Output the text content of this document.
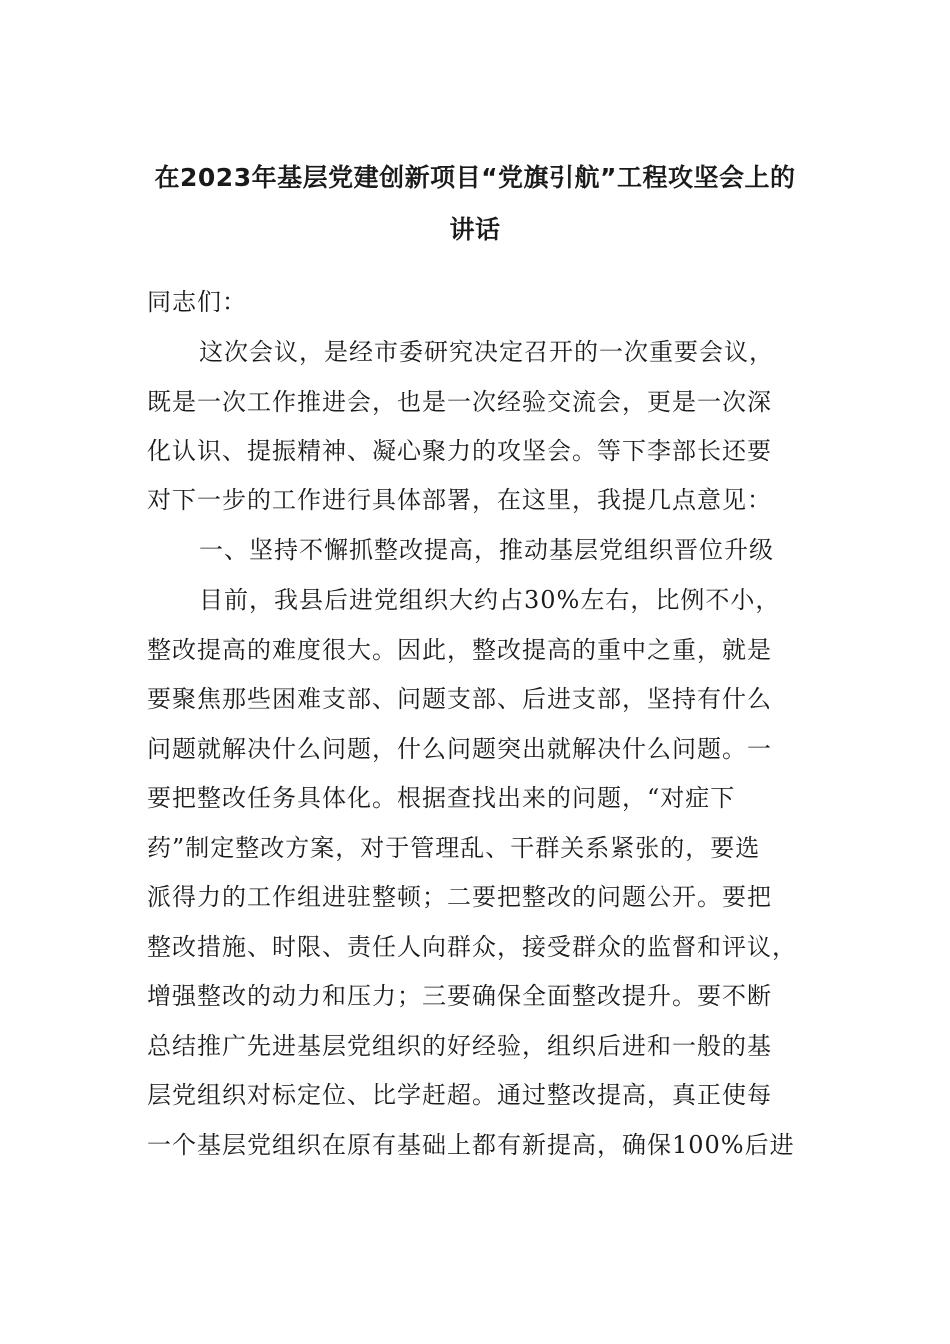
在2023年基层党建创新项目“党旗引航”工程攻坚会上的
讲话
同志们：
这次会议，是经市委研究决定召开的一次重要会议，
既是一次工作推进会，也是一次经验交流会，更是一次深
化认识、提振精神、凝心聚力的攻坚会。等下李部长还要
对下一步的工作进行具体部署，在这里，我提几点意见：
一、坚持不懈抓整改提高，推动基层党组织晋位升级
目前，我县后进党组织大约占30%左右，比例不小，
整改提高的难度很大。因此，整改提高的重中之重，就是
要聚焦那些困难支部、问题支部、后进支部，坚持有什么
问题就解决什么问题，什么问题突出就解决什么问题。一
要把整改任务具体化。根据查找出来的问题，“对症下
药”制定整改方案，对于管理乱、干群关系紧张的，要选
派得力的工作组进驻整顿；二要把整改的问题公开。要把
整改措施、时限、责任人向群众，接受群众的监督和评议，
增强整改的动力和压力；三要确保全面整改提升。要不断
总结推广先进基层党组织的好经验，组织后进和一般的基
层党组织对标定位、比学赶超。通过整改提高，真正使每
一个基层党组织在原有基础上都有新提高，确保100%后进
